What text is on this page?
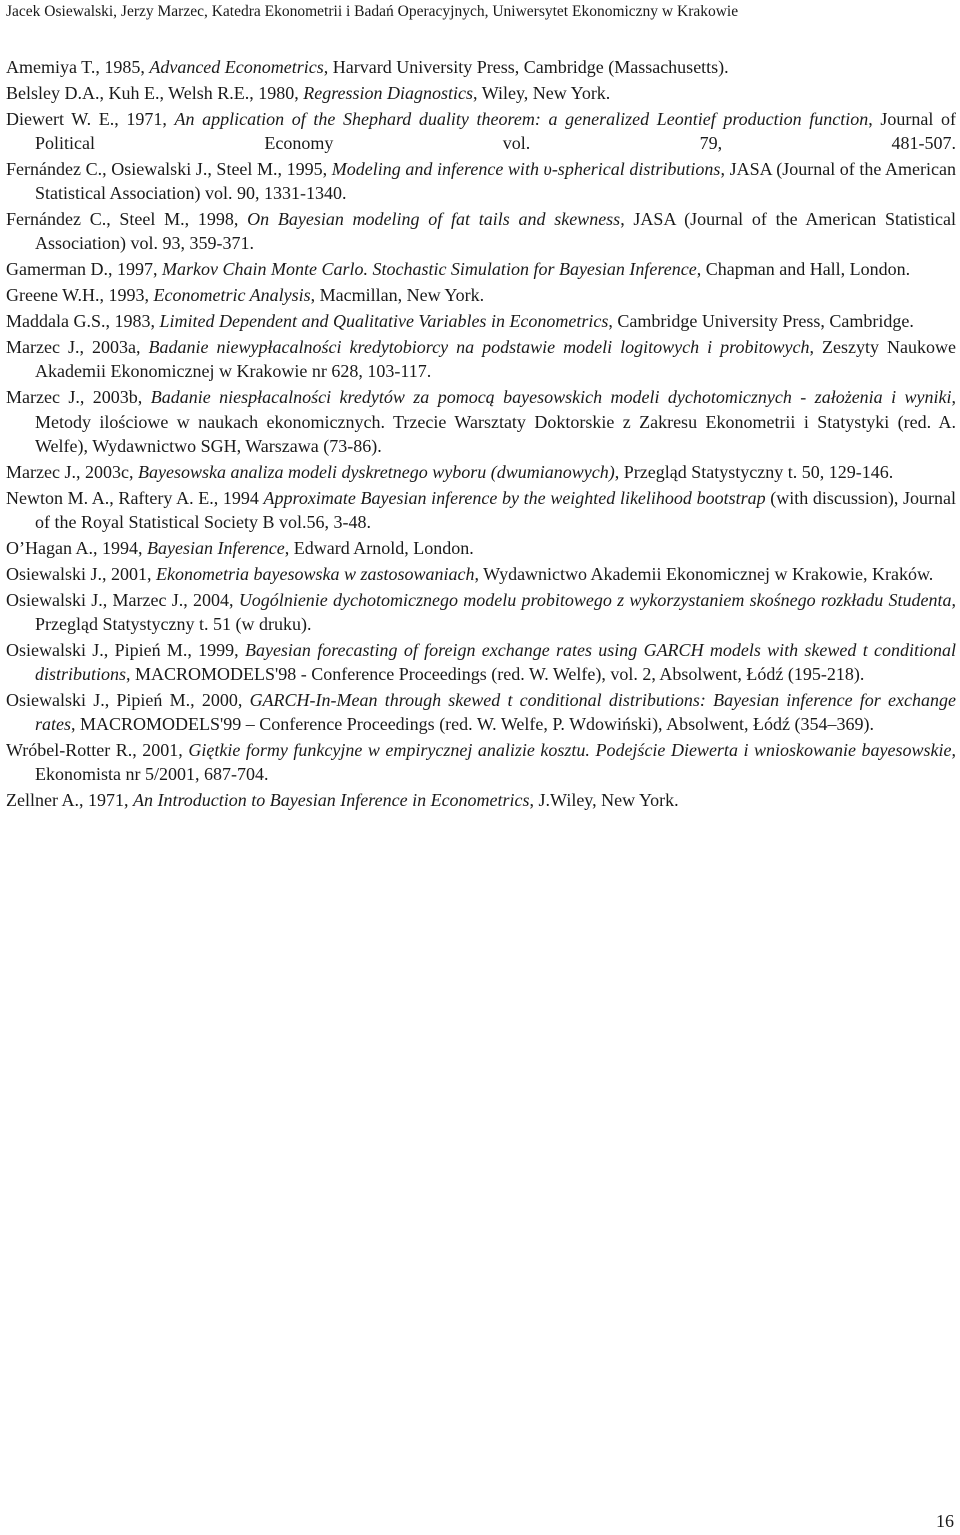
Jacek Osiewalski, Jerzy Marzec, Katedra Ekonometrii i Badań Operacyjnych, Uniwersytet Ekonomiczny w Krakowie

Amemiya T., 1985, Advanced Econometrics, Harvard University Press, Cambridge (Massachusetts).

Belsley D.A., Kuh E., Welsh R.E., 1980, Regression Diagnostics, Wiley, New York.

Diewert W. E., 1971, An application of the Shephard duality theorem: a generalized Leontief production function, Journal of Political Economy vol. 79, 481-507.

Fernández C., Osiewalski J., Steel M., 1995, Modeling and inference with υ-spherical distributions, JASA (Journal of the American Statistical Association) vol. 90, 1331-1340.

Fernández C., Steel M., 1998, On Bayesian modeling of fat tails and skewness, JASA (Journal of the American Statistical Association) vol. 93, 359-371.

Gamerman D., 1997, Markov Chain Monte Carlo. Stochastic Simulation for Bayesian Inference, Chapman and Hall, London.

Greene W.H., 1993, Econometric Analysis, Macmillan, New York.

Maddala G.S., 1983, Limited Dependent and Qualitative Variables in Econometrics, Cambridge University Press, Cambridge.

Marzec J., 2003a, Badanie niewypłacalności kredytobiorcy na podstawie modeli logitowych i probitowych, Zeszyty Naukowe Akademii Ekonomicznej w Krakowie nr 628, 103-117.

Marzec J., 2003b, Badanie niespłacalności kredytów za pomocą bayesowskich modeli dychotomicznych - założenia i wyniki, Metody ilościowe w naukach ekonomicznych. Trzecie Warsztaty Doktorskie z Zakresu Ekonometrii i Statystyki (red. A. Welfe), Wydawnictwo SGH, Warszawa (73-86).

Marzec J., 2003c, Bayesowska analiza modeli dyskretnego wyboru (dwumianowych), Przegląd Statystyczny t. 50, 129-146.

Newton M. A., Raftery A. E., 1994 Approximate Bayesian inference by the weighted likelihood bootstrap (with discussion), Journal of the Royal Statistical Society B vol.56, 3-48.

O’Hagan A., 1994, Bayesian Inference, Edward Arnold, London.

Osiewalski J., 2001, Ekonometria bayesowska w zastosowaniach, Wydawnictwo Akademii Ekonomicznej w Krakowie, Kraków.

Osiewalski J., Marzec J., 2004, Uogólnienie dychotomicznego modelu probitowego z wykorzystaniem skośnego rozkładu Studenta, Przegląd Statystyczny t. 51 (w druku).

Osiewalski J., Pipień M., 1999, Bayesian forecasting of foreign exchange rates using GARCH models with skewed t conditional distributions, MACROMODELS'98 - Conference Proceedings (red. W. Welfe), vol. 2, Absolwent, Łódź (195-218).

Osiewalski J., Pipień M., 2000, GARCH-In-Mean through skewed t conditional distributions: Bayesian inference for exchange rates, MACROMODELS'99 – Conference Proceedings (red. W. Welfe, P. Wdowiński), Absolwent, Łódź (354–369).

Wróbel-Rotter R., 2001, Giętkie formy funkcyjne w empirycznej analizie kosztu. Podejście Diewerta i wnioskowanie bayesowskie, Ekonomista nr 5/2001, 687-704.

Zellner A., 1971, An Introduction to Bayesian Inference in Econometrics, J.Wiley, New York.

16
